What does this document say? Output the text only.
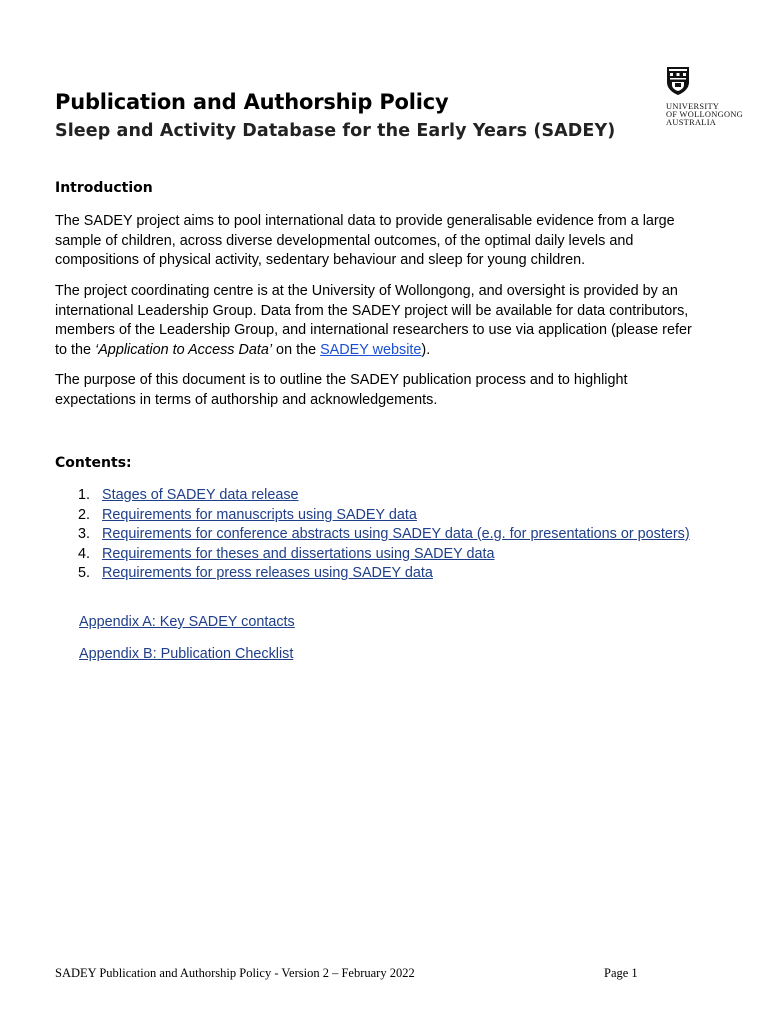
UNIVERSITY
OF WOLLONGONG
AUSTRALIA
Publication and Authorship Policy
Sleep and Activity Database for the Early Years (SADEY)
Introduction

The SADEY project aims to pool international data to provide generalisable evidence from a large sample of children, across diverse developmental outcomes, of the optimal daily levels and compositions of physical activity, sedentary behaviour and sleep for young children.

The project coordinating centre is at the University of Wollongong, and oversight is provided by an international Leadership Group. Data from the SADEY project will be available for data contributors, members of the Leadership Group, and international researchers to use via application (please refer to the ‘Application to Access Data’ on the SADEY website).

The purpose of this document is to outline the SADEY publication process and to highlight expectations in terms of authorship and acknowledgements.

Contents:
1. Stages of SADEY data release
2. Requirements for manuscripts using SADEY data
3. Requirements for conference abstracts using SADEY data (e.g. for presentations or posters)
4. Requirements for theses and dissertations using SADEY data
5. Requirements for press releases using SADEY data
Appendix A: Key SADEY contacts
Appendix B: Publication Checklist
SADEY Publication and Authorship Policy - Version 2 – February 2022	Page 1
